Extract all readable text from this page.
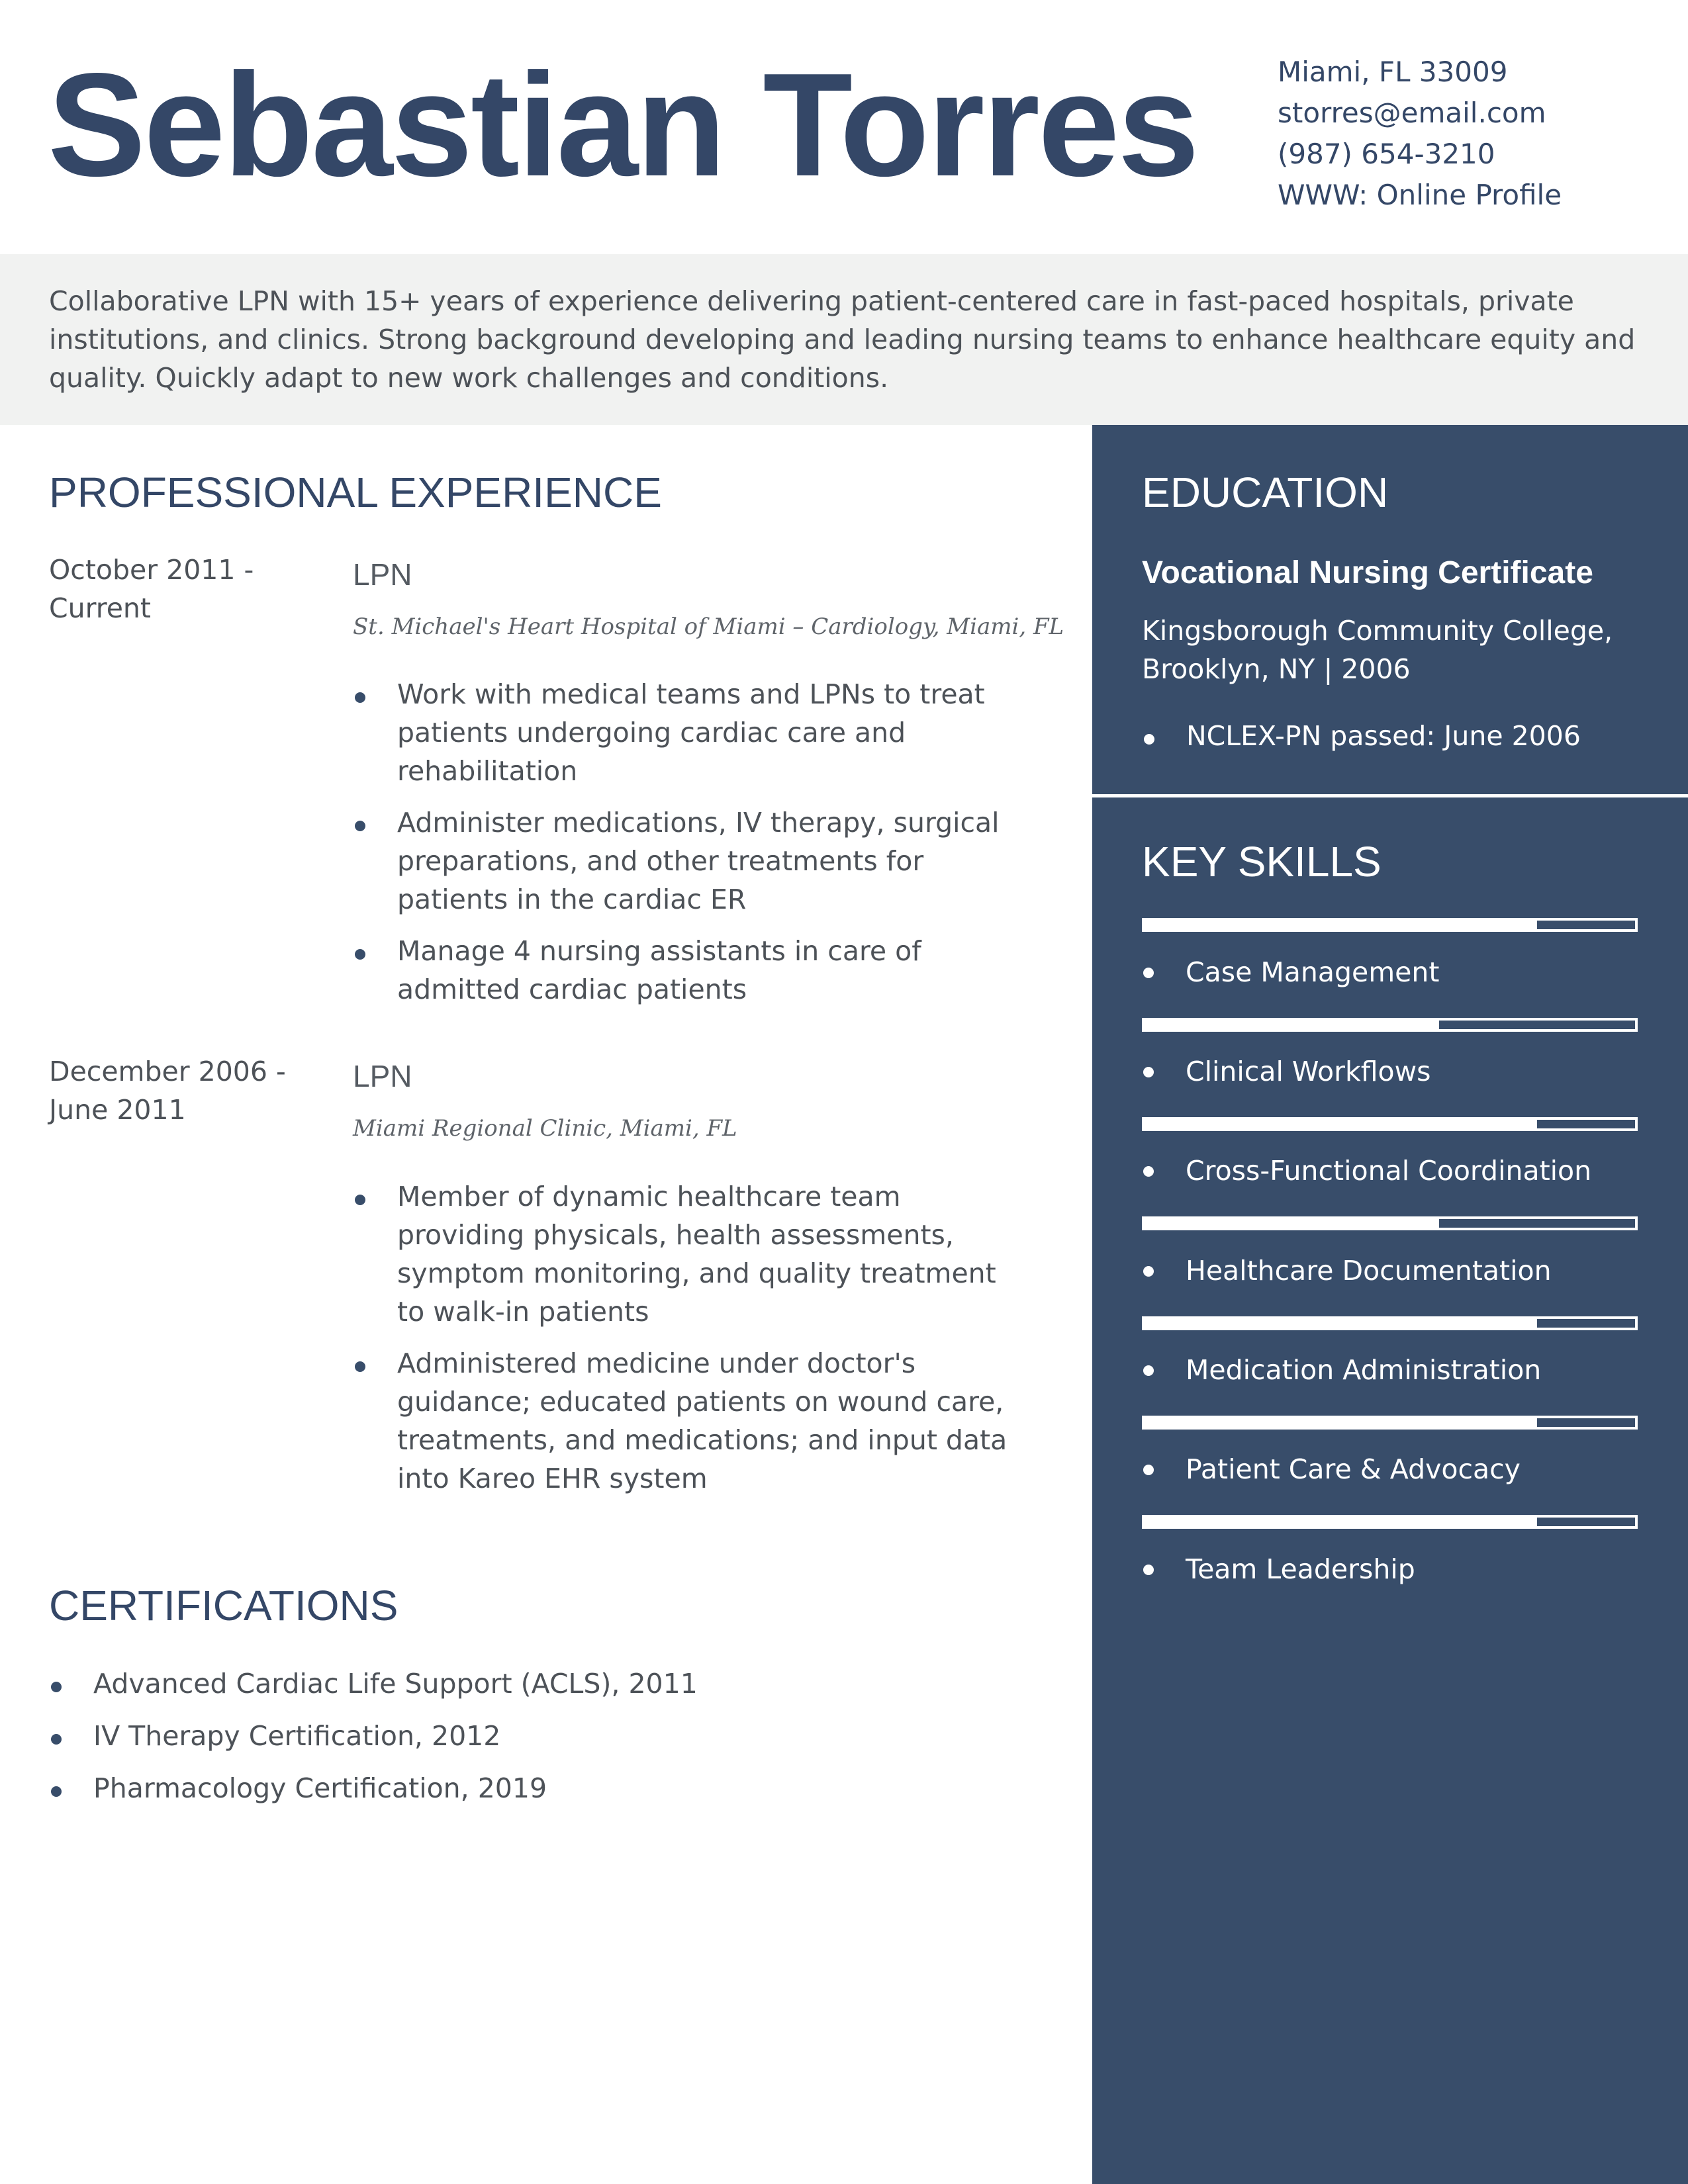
Sebastian Torres	Miami, FL 33009
storres@email.com
(987) 654-3210
WWW: Online Profile

Collaborative LPN with 15+ years of experience delivering patient-centered care in fast-paced hospitals, private institutions, and clinics. Strong background developing and leading nursing teams to enhance healthcare equity and quality. Quickly adapt to new work challenges and conditions.

PROFESSIONAL EXPERIENCE
October 2011 -
Current
LPN
St. Michael's Heart Hospital of Miami – Cardiology, Miami, FL
Work with medical teams and LPNs to treat patients undergoing cardiac care and rehabilitation
Administer medications, IV therapy, surgical preparations, and other treatments for patients in the cardiac ER
Manage 4 nursing assistants in care of admitted cardiac patients
December 2006 -
June 2011
LPN
Miami Regional Clinic, Miami, FL
Member of dynamic healthcare team providing physicals, health assessments, symptom monitoring, and quality treatment to walk-in patients
Administered medicine under doctor's guidance; educated patients on wound care, treatments, and medications; and input data into Kareo EHR system
CERTIFICATIONS
Advanced Cardiac Life Support (ACLS), 2011
IV Therapy Certification, 2012
Pharmacology Certification, 2019
EDUCATION
Vocational Nursing Certificate
Kingsborough Community College,
Brooklyn, NY | 2006
NCLEX-PN passed: June 2006
KEY SKILLS
Case Management
Clinical Workflows
Cross-Functional Coordination
Healthcare Documentation
Medication Administration
Patient Care & Advocacy
Team Leadership
